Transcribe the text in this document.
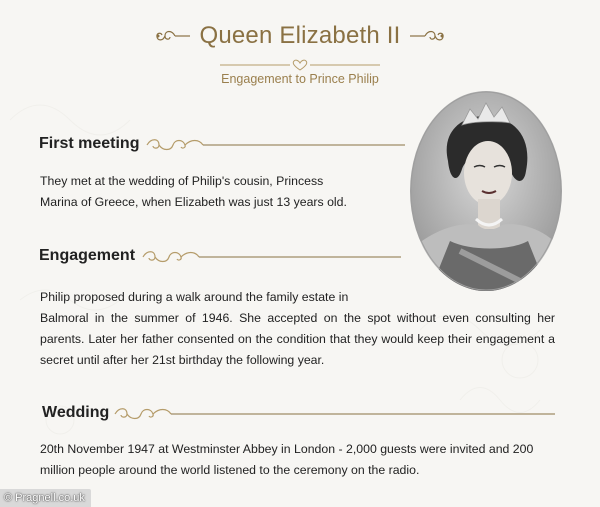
Queen Elizabeth II
Engagement to Prince Philip
First meeting
They met at the wedding of Philip's cousin, Princess
Marina of Greece, when Elizabeth was just 13 years old.
Engagement
Philip proposed during a walk around the family estate in
Balmoral in the summer of 1946. She accepted on the spot without even consulting her
parents. Later her father consented on the condition that they would keep their engagement a
secret until after her 21st birthday the following year.
Wedding
20th November 1947 at Westminster Abbey in London - 2,000 guests were invited and 200
million people around the world listened to the ceremony on the radio.
© Pragnell.co.uk
